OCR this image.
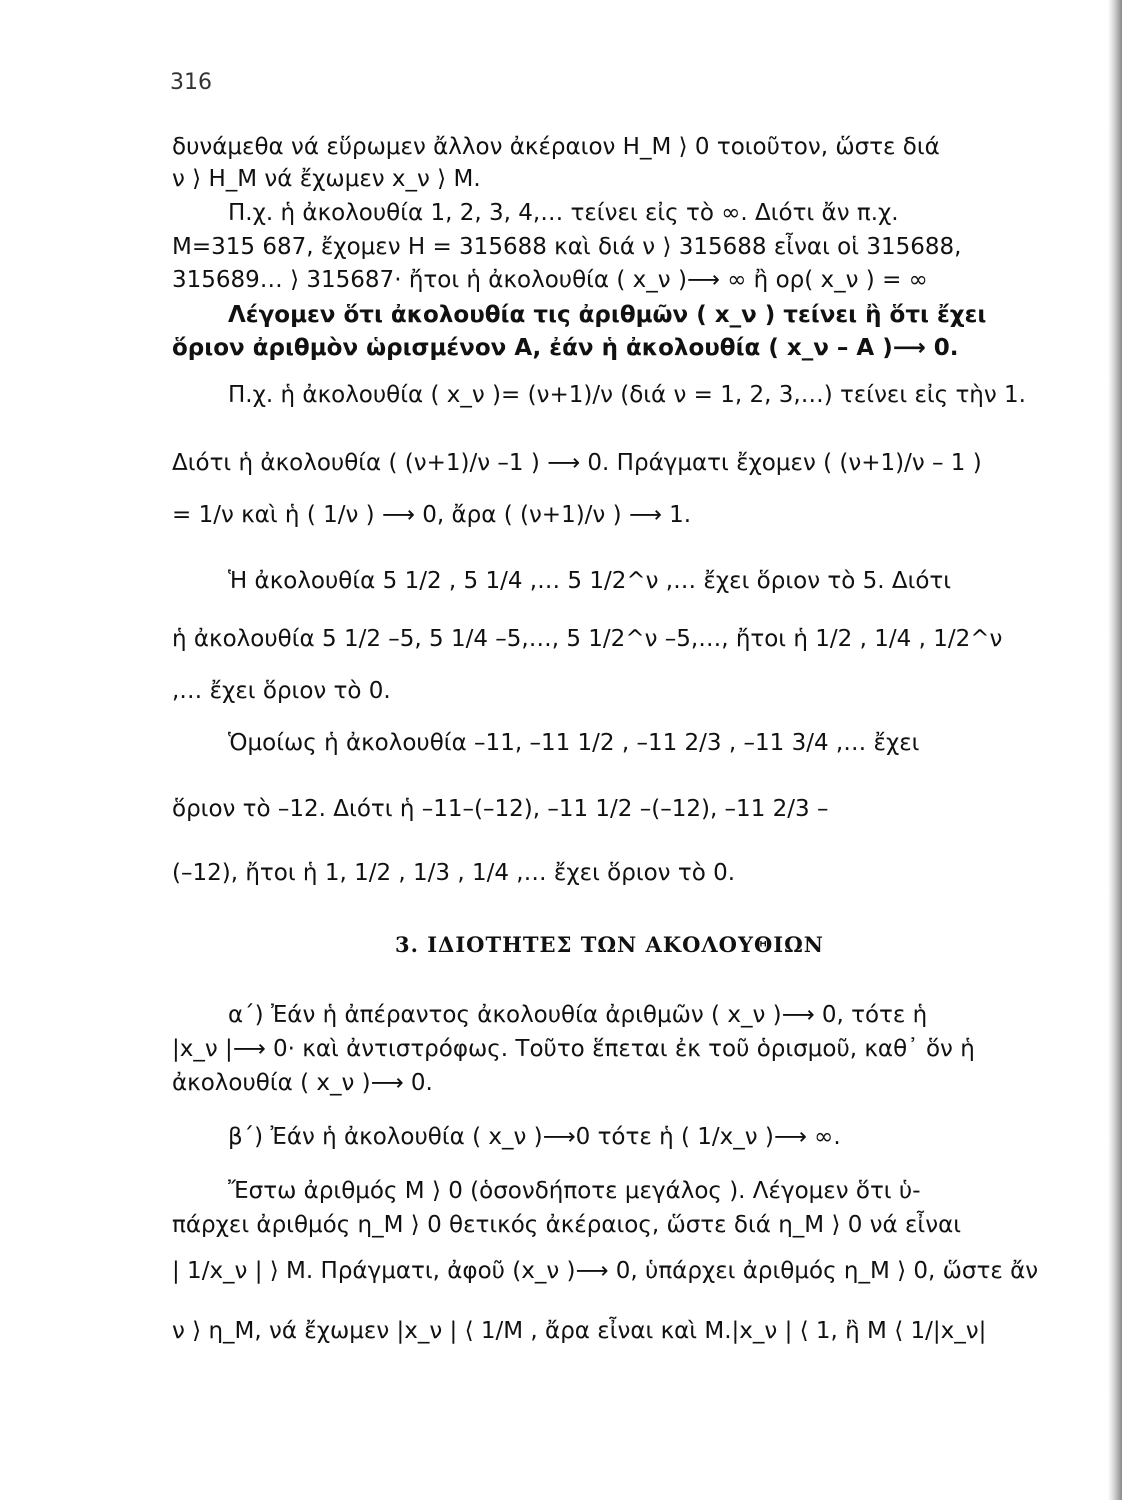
316
δυνάμεθα νά εὕρωμεν ἄλλον ἀκέραιον H_M ⟩ 0 τοιοῦτον, ὥστε διά
ν ⟩ H_M νά ἔχωμεν x_ν ⟩ M.
Π.χ. ἡ ἀκολουθία 1, 2, 3, 4,… τείνει εἰς τὸ ∞. Διότι ἄν π.χ.
M=315 687, ἔχομεν H = 315688 καὶ διά ν ⟩ 315688 εἶναι οἱ 315688,
315689… ⟩ 315687· ἤτοι ἡ ἀκολουθία ( x_ν )⟶ ∞ ἢ ορ( x_ν ) = ∞
Λέγομεν ὅτι ἀκολουθία τις ἀριθμῶν ( x_ν ) τείνει ἢ ὅτι ἔχει
ὅριον ἀριθμὸν ὡρισμένον A, ἐάν ἡ ἀκολουθία ( x_ν – A )⟶ 0.
Π.χ. ἡ ἀκολουθία ( x_ν )= (ν+1)/ν (διά ν = 1, 2, 3,…) τείνει εἰς τὴν 1.
Διότι ἡ ἀκολουθία ( (ν+1)/ν –1 ) ⟶ 0. Πράγματι ἔχομεν ( (ν+1)/ν – 1 )
= 1/ν καὶ ἡ ( 1/ν ) ⟶ 0, ἄρα ( (ν+1)/ν ) ⟶ 1.
Ἡ ἀκολουθία 5 1/2 , 5 1/4 ,… 5 1/2^ν ,… ἔχει ὅριον τὸ 5. Διότι
ἡ ἀκολουθία 5 1/2 –5, 5 1/4 –5,…, 5 1/2^ν –5,…, ἤτοι ἡ 1/2 , 1/4 , 1/2^ν
,… ἔχει ὅριον τὸ 0.
Ὁμοίως ἡ ἀκολουθία –11, –11 1/2 , –11 2/3 , –11 3/4 ,… ἔχει
ὅριον τὸ –12. Διότι ἡ –11–(–12), –11 1/2 –(–12), –11 2/3 –
(–12), ἤτοι ἡ 1, 1/2 , 1/3 , 1/4 ,… ἔχει ὅριον τὸ 0.
3. ΙΔΙΟΤΗΤΕΣ ΤΩΝ ΑΚΟΛΟΥΘΙΩΝ
α΄) Ἐάν ἡ ἀπέραντος ἀκολουθία ἀριθμῶν ( x_ν )⟶ 0, τότε ἡ
|x_ν |⟶ 0· καὶ ἀντιστρόφως. Τοῦτο ἕπεται ἐκ τοῦ ὁρισμοῦ, καθ᾽ ὅν ἡ
ἀκολουθία ( x_ν )⟶ 0.
β΄) Ἐάν ἡ ἀκολουθία ( x_ν )⟶0 τότε ἡ ( 1/x_ν )⟶ ∞.
Ἔστω ἀριθμός M ⟩ 0 (ὁσονδήποτε μεγάλος ). Λέγομεν ὅτι ὑ-
πάρχει ἀριθμός η_M ⟩ 0 θετικός ἀκέραιος, ὥστε διά η_M ⟩ 0 νά εἶναι
| 1/x_ν | ⟩ M. Πράγματι, ἀφοῦ (x_ν )⟶ 0, ὑπάρχει ἀριθμός η_M ⟩ 0, ὥστε ἄν
ν ⟩ η_M, νά ἔχωμεν |x_ν | ⟨ 1/M , ἄρα εἶναι καὶ M.|x_ν | ⟨ 1, ἢ M ⟨ 1/|x_ν|
